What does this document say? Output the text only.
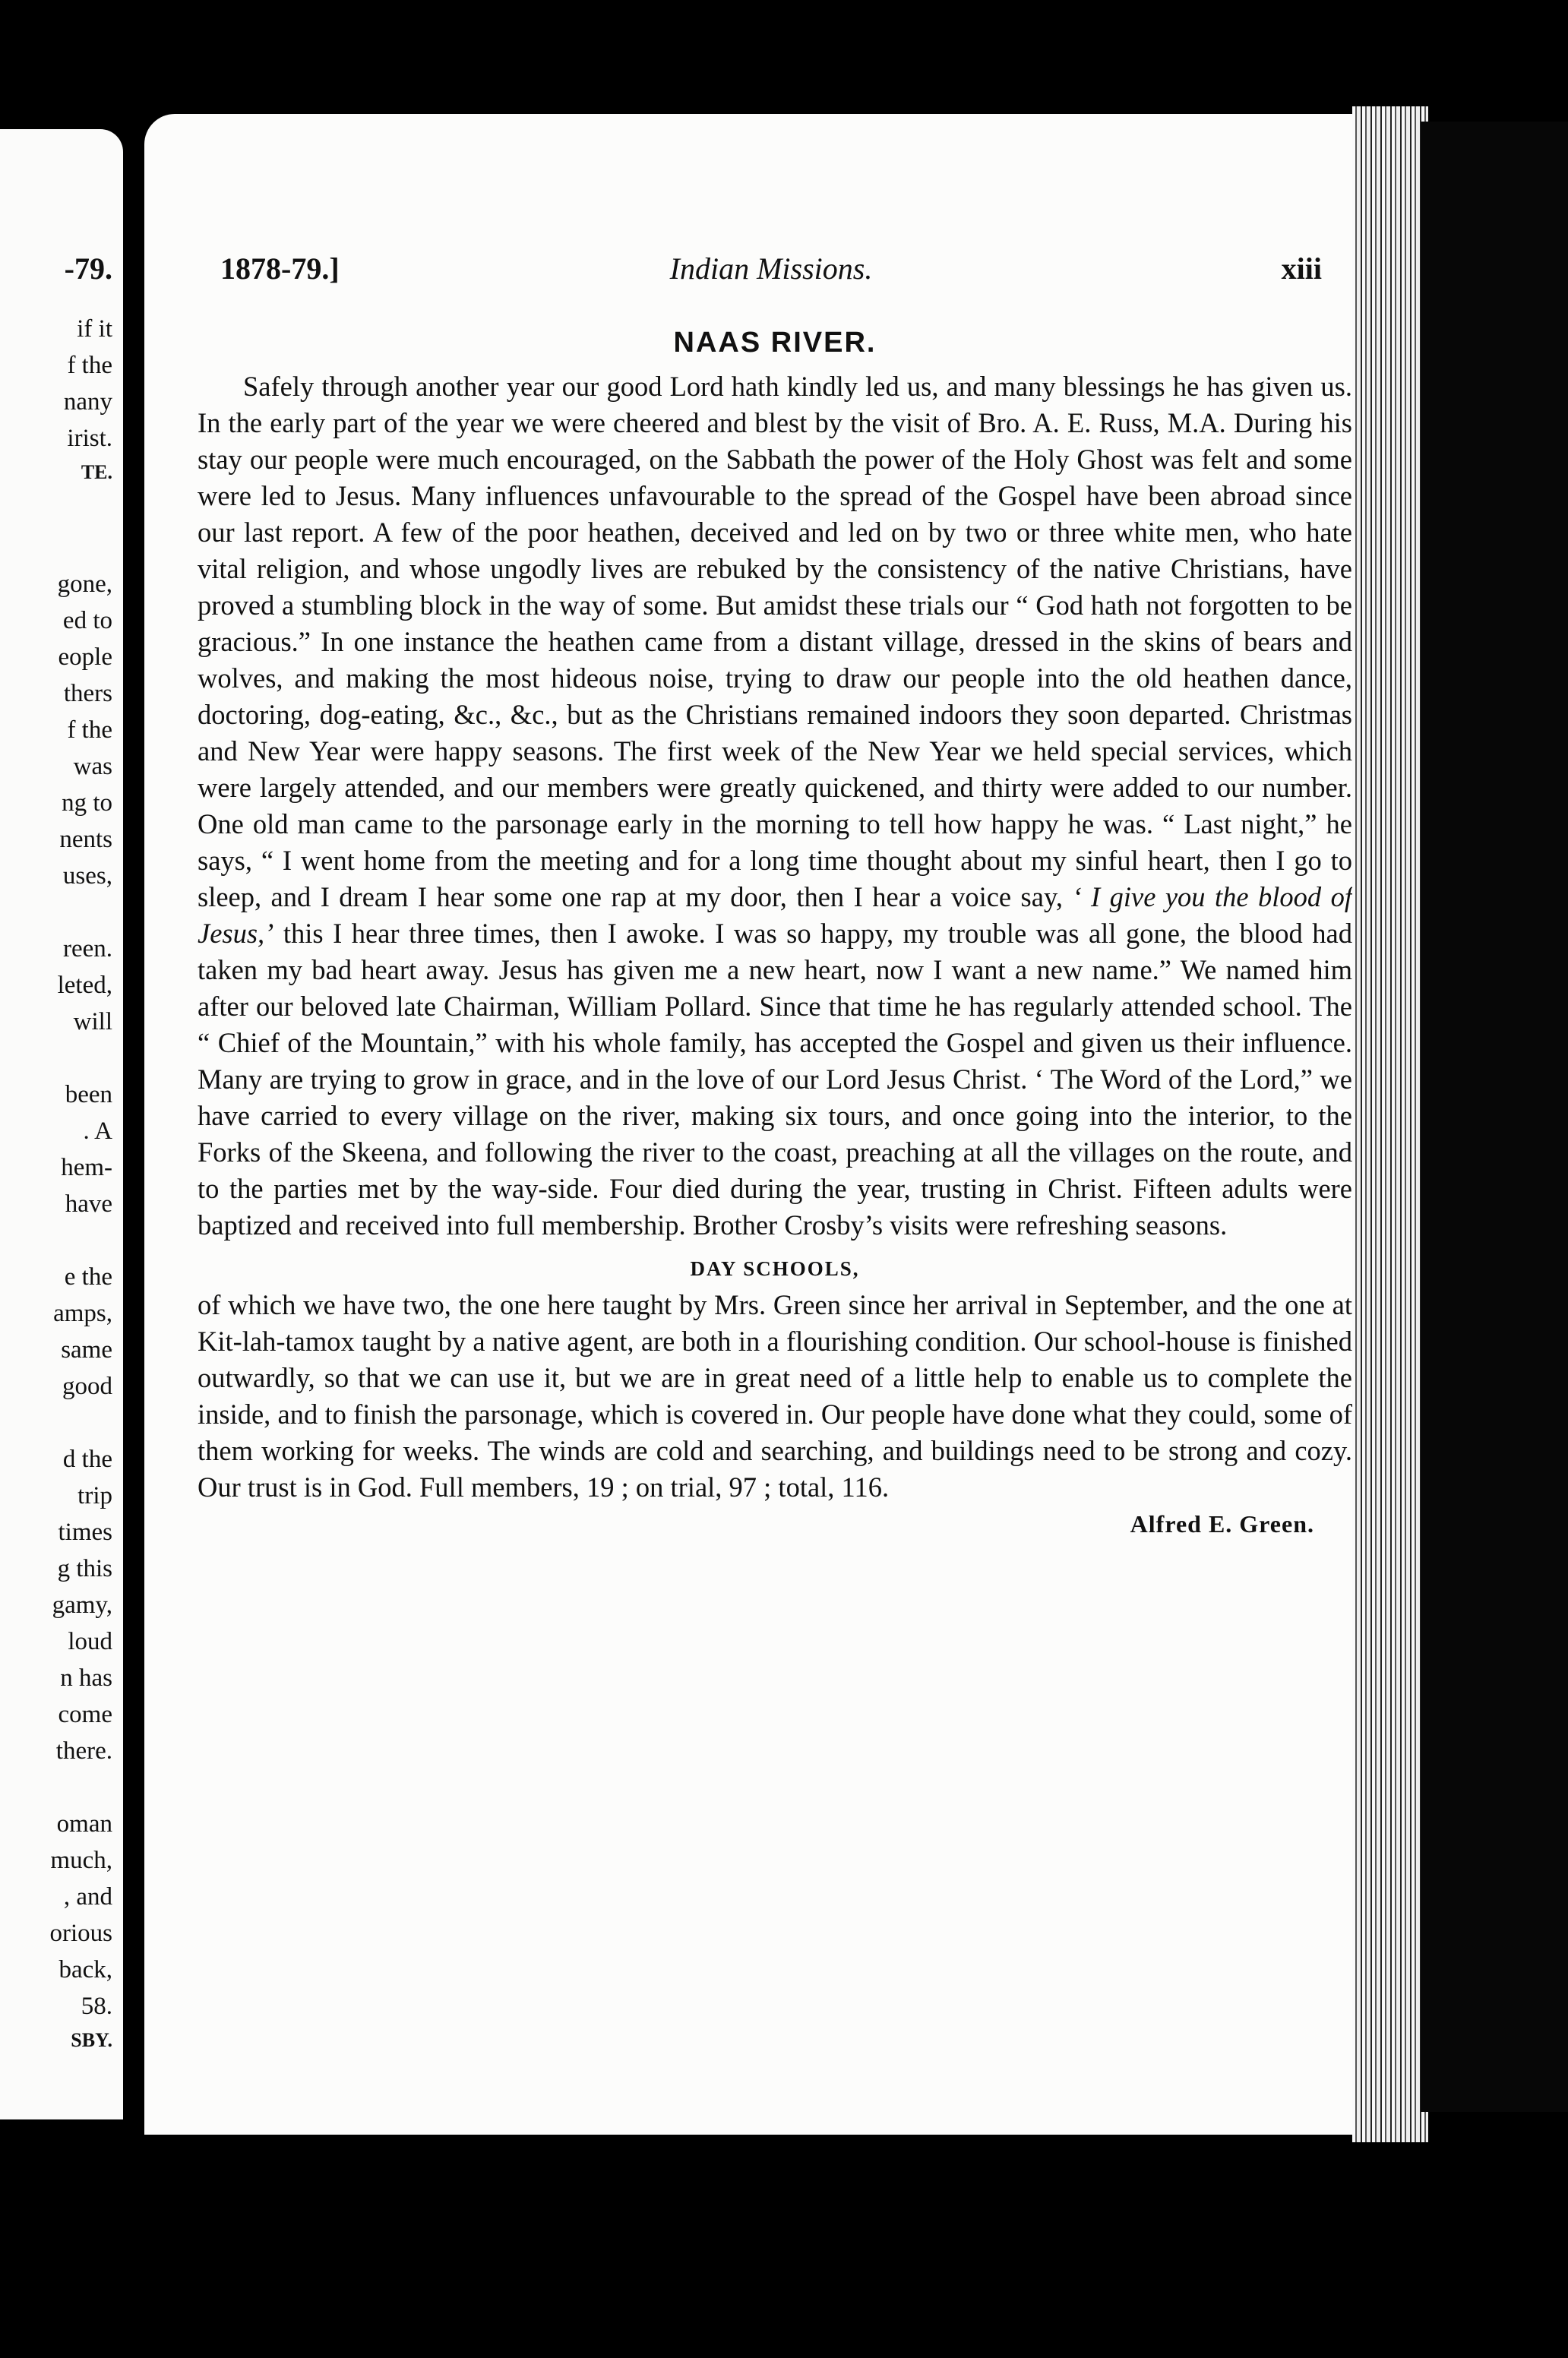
-79.
if it
f the
nany
irist.
TE.
gone,
ed to
eople
thers
f the
was
ng to
nents
uses,
reen.
leted,
will
been
. A
hem-
have
e the
amps,
same
good
d the
trip
times
g this
gamy,
loud
n has
come
there.
oman
much,
, and
orious
back,
58.
SBY.
Indian Missions.
1878-79.]	xiii
NAAS RIVER.

Safely through another year our good Lord hath kindly led us, and many blessings he has given us. In the early part of the year we were cheered and blest by the visit of Bro. A. E. Russ, M.A. During his stay our people were much encouraged, on the Sabbath the power of the Holy Ghost was felt and some were led to Jesus. Many influences unfavourable to the spread of the Gospel have been abroad since our last report. A few of the poor heathen, deceived and led on by two or three white men, who hate vital religion, and whose ungodly lives are rebuked by the consistency of the native Christians, have proved a stumbling block in the way of some. But amidst these trials our “ God hath not forgotten to be gracious.” In one instance the heathen came from a distant village, dressed in the skins of bears and wolves, and making the most hideous noise, trying to draw our people into the old heathen dance, doctoring, dog-eating, &c., &c., but as the Christians remained indoors they soon departed. Christmas and New Year were happy seasons. The first week of the New Year we held special services, which were largely attended, and our members were greatly quickened, and thirty were added to our number. One old man came to the parsonage early in the morning to tell how happy he was. “ Last night,” he says, “ I went home from the meeting and for a long time thought about my sinful heart, then I go to sleep, and I dream I hear some one rap at my door, then I hear a voice say, ‘ I give you the blood of Jesus,’ this I hear three times, then I awoke. I was so happy, my trouble was all gone, the blood had taken my bad heart away. Jesus has given me a new heart, now I want a new name.” We named him after our beloved late Chairman, William Pollard. Since that time he has regularly attended school. The “ Chief of the Mountain,” with his whole family, has accepted the Gospel and given us their influence. Many are trying to grow in grace, and in the love of our Lord Jesus Christ. ‘ The Word of the Lord,” we have carried to every village on the river, making six tours, and once going into the interior, to the Forks of the Skeena, and following the river to the coast, preaching at all the villages on the route, and to the parties met by the way-side. Four died during the year, trusting in Christ. Fifteen adults were baptized and received into full membership. Brother Crosby’s visits were refreshing seasons.

DAY SCHOOLS,

of which we have two, the one here taught by Mrs. Green since her arrival in September, and the one at Kit-lah-tamox taught by a native agent, are both in a flourishing condition. Our school-house is finished outwardly, so that we can use it, but we are in great need of a little help to enable us to complete the inside, and to finish the parsonage, which is covered in. Our people have done what they could, some of them working for weeks. The winds are cold and searching, and buildings need to be strong and cozy. Our trust is in God. Full members, 19 ; on trial, 97 ; total, 116.

Alfred E. Green.
